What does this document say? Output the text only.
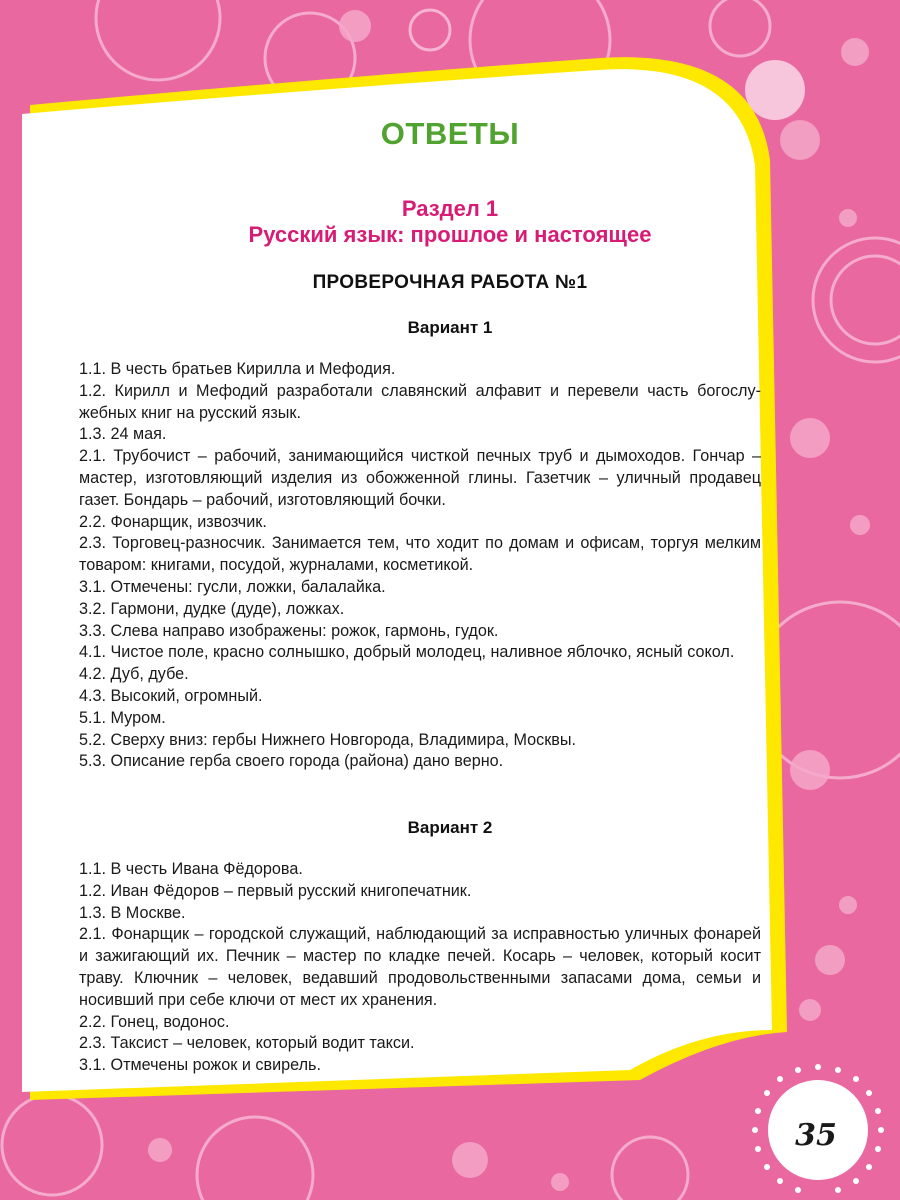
ОТВЕТЫ
Раздел 1
Русский язык: прошлое и настоящее
ПРОВЕРОЧНАЯ РАБОТА №1
Вариант 1
1.1. В честь братьев Кирилла и Мефодия.
1.2. Кирилл и Мефодий разработали славянский алфавит и перевели часть богослужебных книг на русский язык.
1.3. 24 мая.
2.1. Трубочист – рабочий, занимающийся чисткой печных труб и дымоходов. Гончар – мастер, изготовляющий изделия из обожженной глины. Газетчик – уличный продавец газет. Бондарь – рабочий, изготовляющий бочки.
2.2. Фонарщик, извозчик.
2.3. Торговец-разносчик. Занимается тем, что ходит по домам и офисам, торгуя мелким товаром: книгами, посудой, журналами, косметикой.
3.1. Отмечены: гусли, ложки, балалайка.
3.2. Гармони, дудке (дуде), ложках.
3.3. Слева направо изображены: рожок, гармонь, гудок.
4.1. Чистое поле, красно солнышко, добрый молодец, наливное яблочко, ясный сокол.
4.2. Дуб, дубе.
4.3. Высокий, огромный.
5.1. Муром.
5.2. Сверху вниз: гербы Нижнего Новгорода, Владимира, Москвы.
5.3. Описание герба своего города (района) дано верно.
Вариант 2
1.1. В честь Ивана Фёдорова.
1.2. Иван Фёдоров – первый русский книгопечатник.
1.3. В Москве.
2.1. Фонарщик – городской служащий, наблюдающий за исправностью уличных фонарей и зажигающий их. Печник – мастер по кладке печей. Косарь – человек, который косит траву. Ключник – человек, ведавший продовольственными запасами дома, семьи и носивший при себе ключи от мест их хранения.
2.2. Гонец, водонос.
2.3. Таксист – человек, который водит такси.
3.1. Отмечены рожок и свирель.
35
